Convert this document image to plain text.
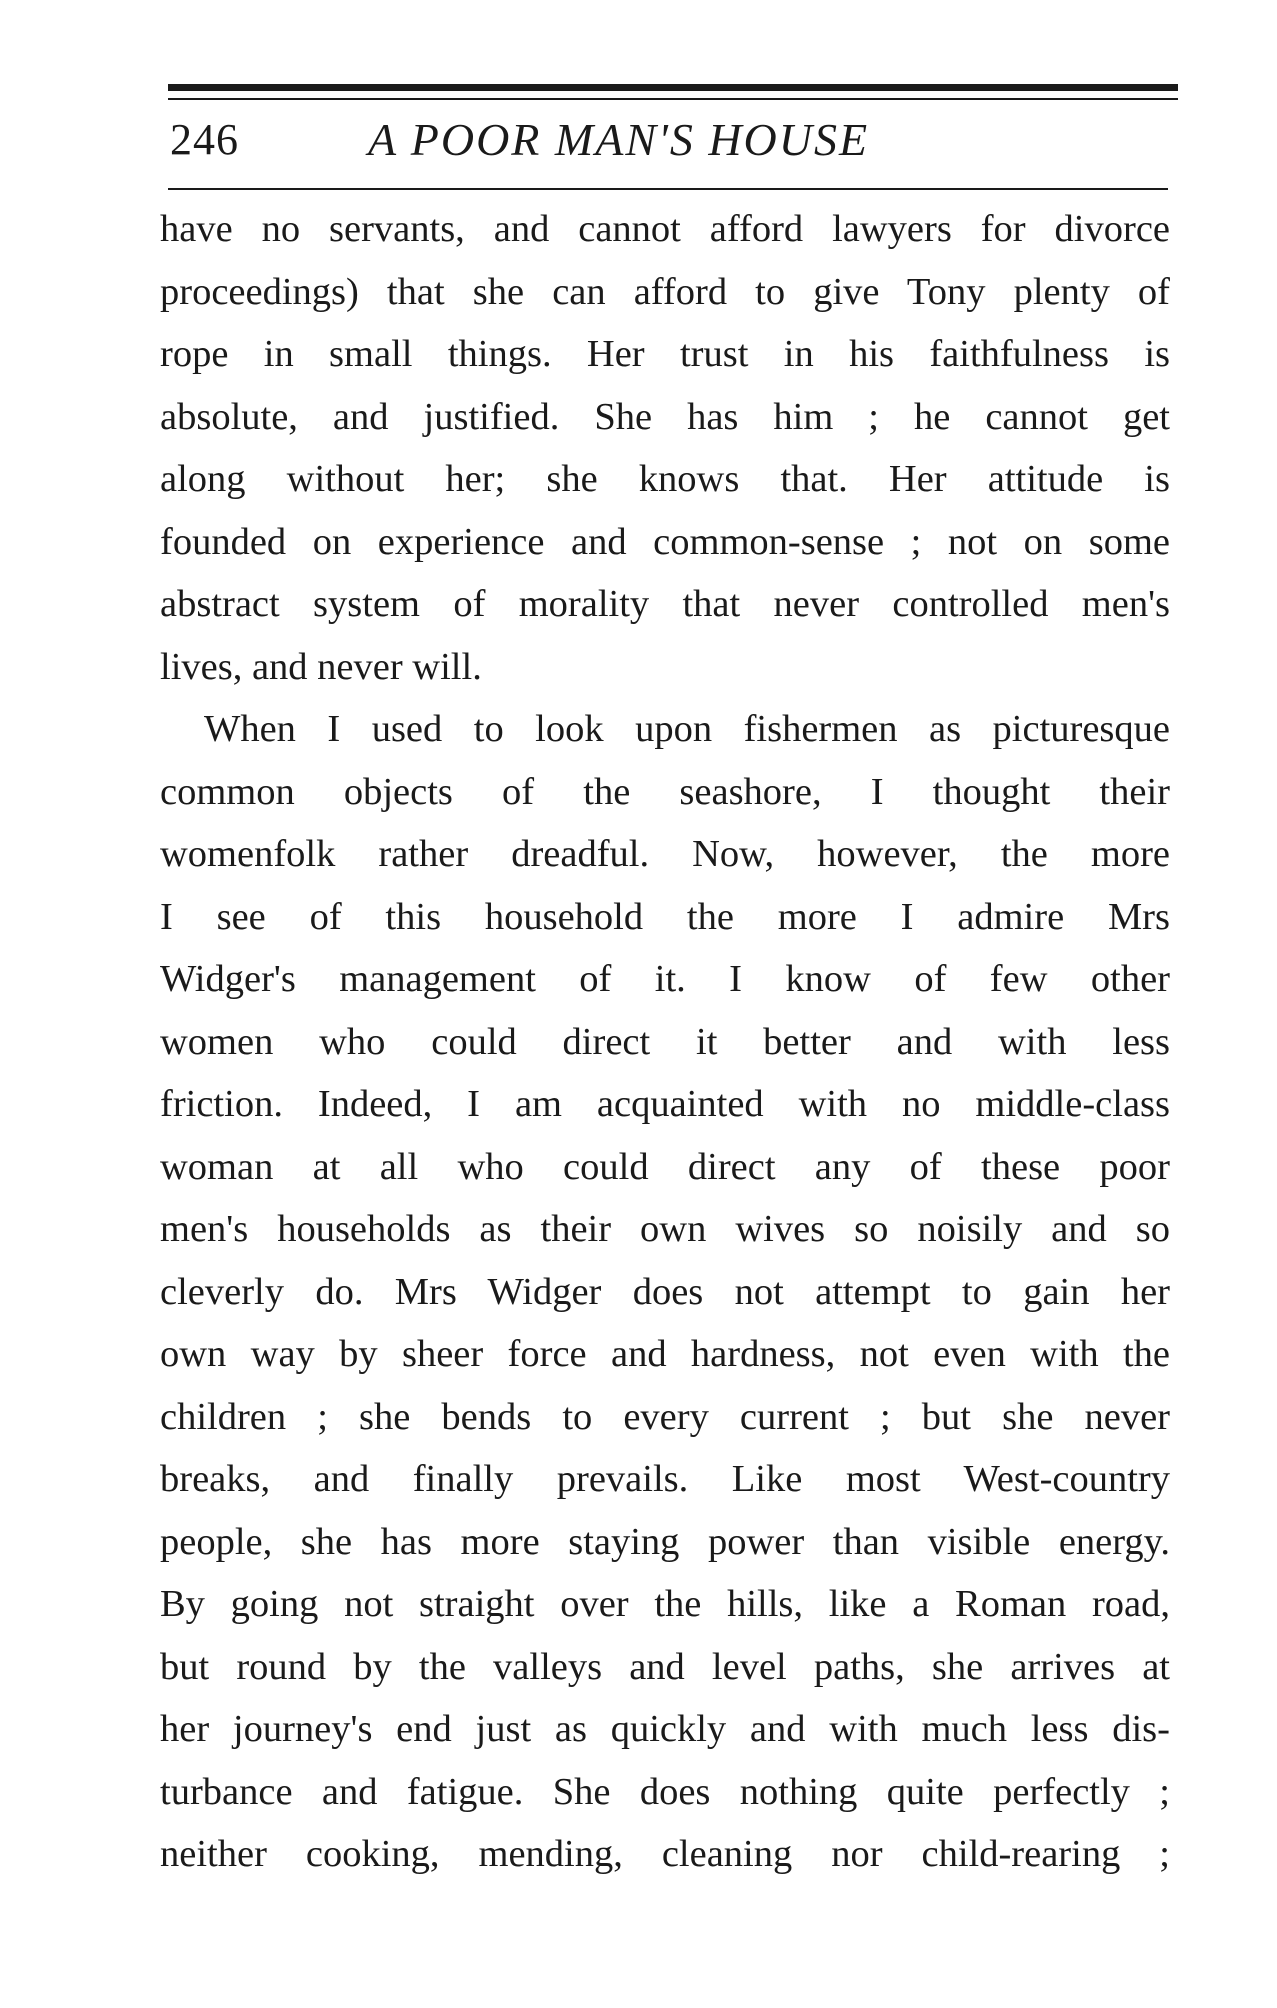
246	A POOR MAN'S HOUSE
have no servants, and cannot afford lawyers for divorce
proceedings) that she can afford to give Tony plenty of
rope in small things. Her trust in his faithfulness is
absolute, and justified. She has him ; he cannot get
along without her; she knows that. Her attitude is
founded on experience and common-sense ; not on some
abstract system of morality that never controlled men's
lives, and never will.
When I used to look upon fishermen as picturesque
common objects of the seashore, I thought their
womenfolk rather dreadful. Now, however, the more
I see of this household the more I admire Mrs
Widger's management of it. I know of few other
women who could direct it better and with less
friction. Indeed, I am acquainted with no middle-class
woman at all who could direct any of these poor
men's households as their own wives so noisily and so
cleverly do. Mrs Widger does not attempt to gain her
own way by sheer force and hardness, not even with the
children ; she bends to every current ; but she never
breaks, and finally prevails. Like most West-country
people, she has more staying power than visible energy.
By going not straight over the hills, like a Roman road,
but round by the valleys and level paths, she arrives at
her journey's end just as quickly and with much less dis-
turbance and fatigue. She does nothing quite perfectly ;
neither cooking, mending, cleaning nor child-rearing ;
